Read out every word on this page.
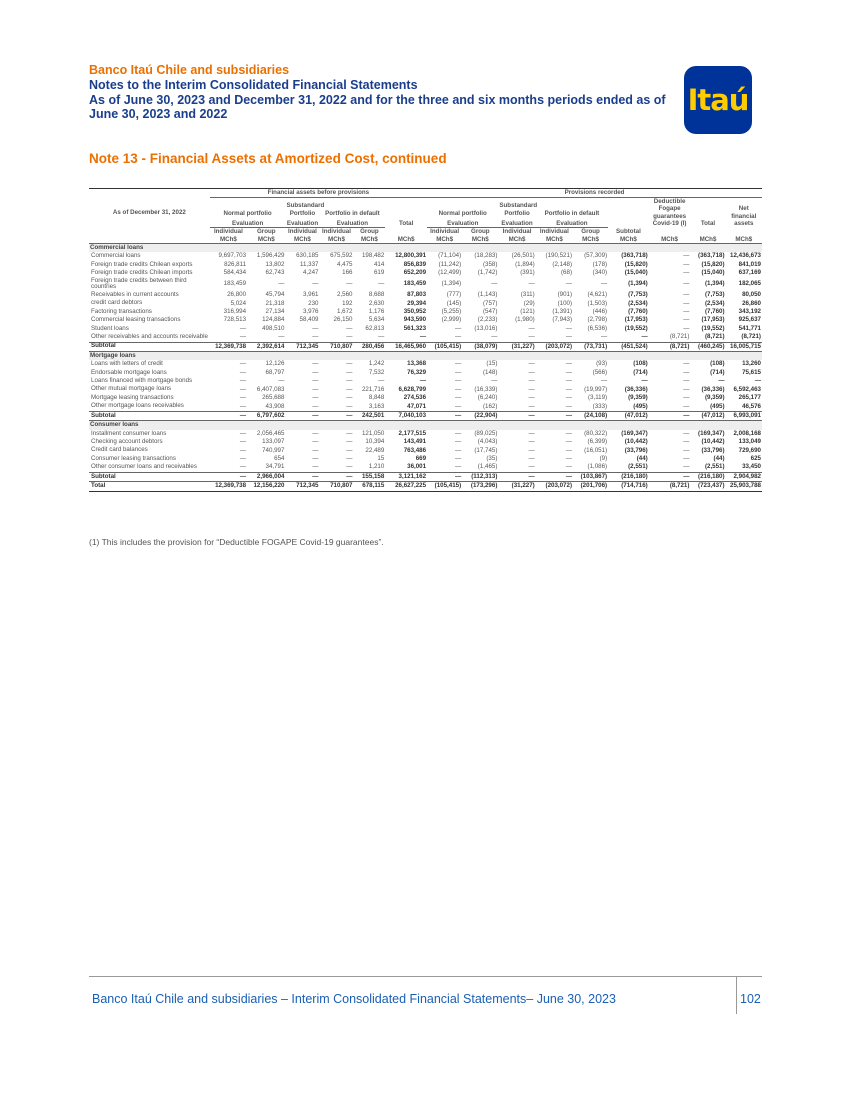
Banco Itaú Chile and subsidiaries
Notes to the Interim Consolidated Financial Statements
As of June 30, 2023 and December 31, 2022 and for the three and six months periods ended as of
June 30, 2023 and 2022	Itaú
Note 13 - Financial Assets at Amortized Cost, continued
	Financial assets before provisions						Provisions recorded								
As of December 31, 2022	Normal portfolio		Substandard Portfolio	Portfolio in default		Total	Normal portfolio		Substandard Portfolio	Portfolio in default			Deductible Fogape guarantees Covid-19 (I)	Total	Net financial assets
	Evaluation		Evaluation	Evaluation			Evaluation		Evaluation	Evaluation					
	Individual	Group	Individual	Individual	Group		Individual	Group	Individual	Individual	Group	Subtotal			
	MCh$	MCh$	MCh$	MCh$	MCh$	MCh$	MCh$	MCh$	MCh$	MCh$	MCh$	MCh$	MCh$	MCh$	MCh$
Commercial loans															
Commercial loans	9,697,703	1,596,429	630,185	675,592	198,482	12,800,391	(71,104)	(18,283)	(26,501)	(190,521)	(57,309)	(363,718)	—	(363,718)	12,436,673
Foreign trade credits Chilean exports	826,811	13,802	11,337	4,475	414	856,839	(11,242)	(358)	(1,894)	(2,148)	(178)	(15,820)	—	(15,820)	841,019
Foreign trade credits Chilean imports	584,434	62,743	4,247	166	619	652,209	(12,499)	(1,742)	(391)	(68)	(340)	(15,040)	—	(15,040)	637,169
Foreign trade credits between third countries	183,459	—	—	—	—	183,459	(1,394)	—	—	—	—	(1,394)	—	(1,394)	182,065
Receivables in current accounts	26,800	45,794	3,961	2,560	8,688	87,803	(777)	(1,143)	(311)	(901)	(4,621)	(7,753)	—	(7,753)	80,050
credit card debtors	5,024	21,318	230	192	2,630	29,394	(145)	(757)	(29)	(100)	(1,503)	(2,534)	—	(2,534)	26,860
Factoring transactions	316,994	27,134	3,976	1,672	1,176	350,952	(5,255)	(547)	(121)	(1,391)	(446)	(7,760)	—	(7,760)	343,192
Commercial leasing transactions	728,513	124,884	58,409	26,150	5,634	943,590	(2,999)	(2,233)	(1,980)	(7,943)	(2,798)	(17,953)	—	(17,953)	925,637
Student loans	—	498,510	—	—	62,813	561,323	—	(13,016)	—	—	(6,536)	(19,552)	—	(19,552)	541,771
Other receivables and accounts receivable	—	—	—	—	—	—	—	—	—	—	—	—	(8,721)	(8,721)	(8,721)
Subtotal	12,369,738	2,392,614	712,345	710,807	280,456	16,465,960	(105,415)	(38,079)	(31,227)	(203,072)	(73,731)	(451,524)	(8,721)	(460,245)	16,005,715
Mortgage loans															
Loans with letters of credit	—	12,126	—	—	1,242	13,368	—	(15)	—	—	(93)	(108)	—	(108)	13,260
Endorsable mortgage loans	—	68,797	—	—	7,532	76,329	—	(148)	—	—	(566)	(714)	—	(714)	75,615
Loans financed with mortgage bonds	—	—	—	—	—	—	—	—	—	—	—	—	—	—	—
Other mutual mortgage loans	—	6,407,083	—	—	221,716	6,628,799	—	(16,339)	—	—	(19,997)	(36,336)	—	(36,336)	6,592,463
Mortgage leasing transactions	—	265,688	—	—	8,848	274,536	—	(6,240)	—	—	(3,119)	(9,359)	—	(9,359)	265,177
Other mortgage loans receivables	—	43,908	—	—	3,163	47,071	—	(162)	—	—	(333)	(495)	—	(495)	46,576
Subtotal	—	6,797,602	—	—	242,501	7,040,103	—	(22,904)	—	—	(24,108)	(47,012)	—	(47,012)	6,993,091
Consumer loans															
Installment consumer loans	—	2,056,465	—	—	121,050	2,177,515	—	(89,025)	—	—	(80,322)	(169,347)	—	(169,347)	2,008,168
Checking account debtors	—	133,097	—	—	10,394	143,491	—	(4,043)	—	—	(6,399)	(10,442)	—	(10,442)	133,049
Credit card balances	—	740,997	—	—	22,489	763,486	—	(17,745)	—	—	(16,051)	(33,796)	—	(33,796)	729,690
Consumer leasing transactions	—	654	—	—	15	669	—	(35)	—	—	(9)	(44)	—	(44)	625
Other consumer loans and receivables	—	34,791	—	—	1,210	36,001	—	(1,465)	—	—	(1,086)	(2,551)	—	(2,551)	33,450
Subtotal	—	2,966,004	—	—	155,158	3,121,162	—	(112,313)	—	—	(103,867)	(216,180)	—	(216,180)	2,904,982
Total	12,369,738	12,156,220	712,345	710,807	678,115	26,627,225	(105,415)	(173,296)	(31,227)	(203,072)	(201,706)	(714,716)	(8,721)	(723,437)	25,903,788
(1) This includes the provision for “Deductible FOGAPE Covid-19 guarantees”.
Banco Itaú Chile and subsidiaries – Interim Consolidated Financial Statements– June 30, 2023	102
